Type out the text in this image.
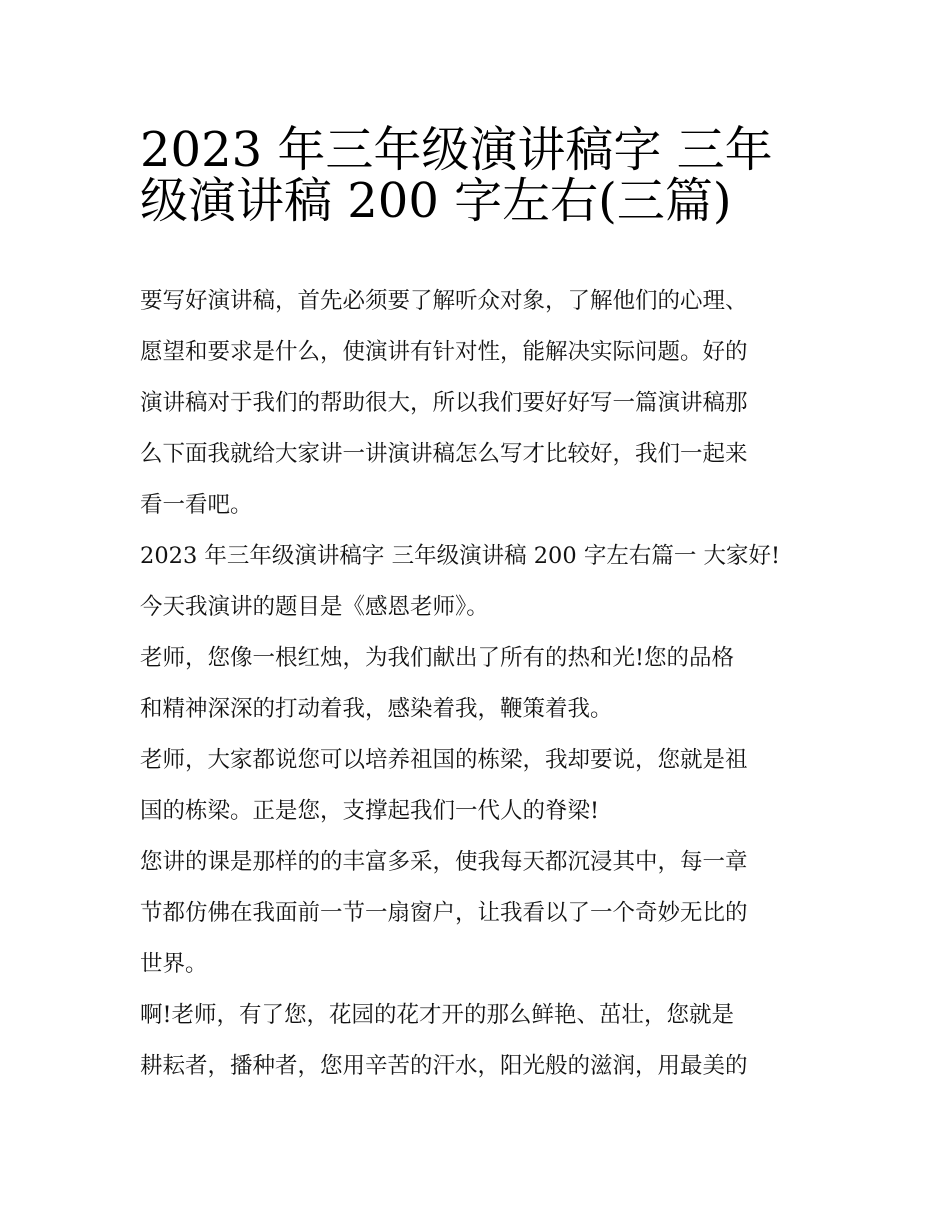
2023 年三年级演讲稿字 三年
级演讲稿 200 字左右(三篇)
要写好演讲稿，首先必须要了解听众对象，了解他们的心理、
愿望和要求是什么，使演讲有针对性，能解决实际问题。好的
演讲稿对于我们的帮助很大，所以我们要好好写一篇演讲稿那
么下面我就给大家讲一讲演讲稿怎么写才比较好，我们一起来
看一看吧。
2023 年三年级演讲稿字 三年级演讲稿 200 字左右篇一 大家好!
今天我演讲的题目是《感恩老师》。
老师，您像一根红烛，为我们献出了所有的热和光!您的品格
和精神深深的打动着我，感染着我，鞭策着我。
老师，大家都说您可以培养祖国的栋梁，我却要说，您就是祖
国的栋梁。正是您，支撑起我们一代人的脊梁!
您讲的课是那样的的丰富多采，使我每天都沉浸其中，每一章
节都仿佛在我面前一节一扇窗户，让我看以了一个奇妙无比的
世界。
啊!老师，有了您，花园的花才开的那么鲜艳、茁壮，您就是
耕耘者，播种者，您用辛苦的汗水，阳光般的滋润，用最美的
